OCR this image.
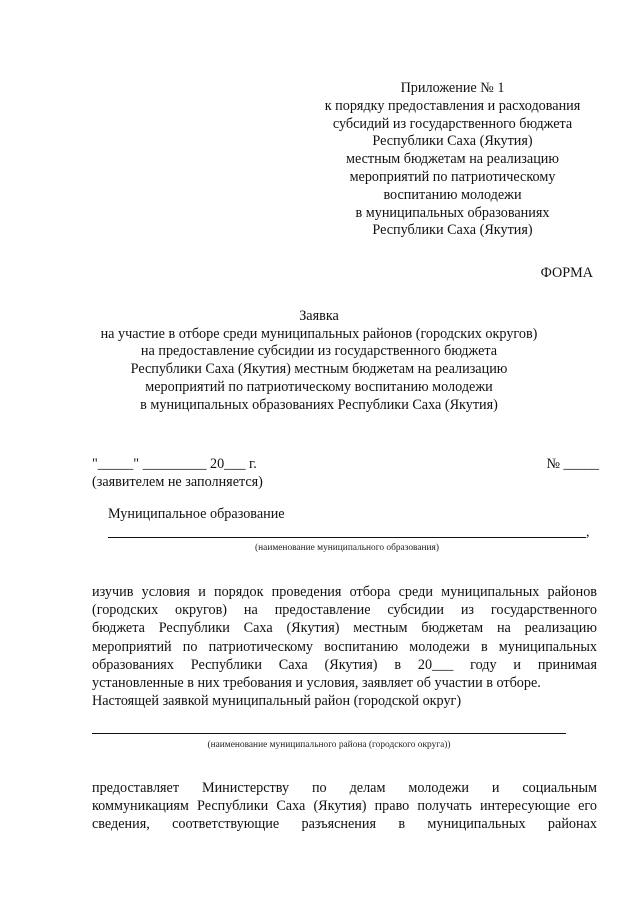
Приложение № 1
к порядку предоставления и расходования
субсидий из государственного бюджета
Республики Саха (Якутия)
местным бюджетам на реализацию
мероприятий по патриотическому
воспитанию молодежи
в муниципальных образованиях
Республики Саха (Якутия)
ФОРМА
Заявка
на участие в отборе среди муниципальных районов (городских округов)
на предоставление субсидии из государственного бюджета
Республики Саха (Якутия) местным бюджетам на реализацию
мероприятий по патриотическому воспитанию молодежи
в муниципальных образованиях Республики Саха (Якутия)
"_____" _________ 20___ г.	№ _____
(заявителем не заполняется)
Муниципальное образование
,
(наименование муниципального образования)
изучив условия и порядок проведения отбора среди муниципальных районов
(городских округов) на предоставление субсидии из государственного
бюджета Республики Саха (Якутия) местным бюджетам на реализацию
мероприятий по патриотическому воспитанию молодежи в муниципальных
образованиях Республики Саха (Якутия) в 20___ году и принимая
установленные в них требования и условия, заявляет об участии в отборе.
Настоящей заявкой муниципальный район (городской округ)
(наименование муниципального района (городского округа))
предоставляет Министерству по делам молодежи и социальным
коммуникациям Республики Саха (Якутия) право получать интересующие его
сведения, соответствующие разъяснения в муниципальных районах
